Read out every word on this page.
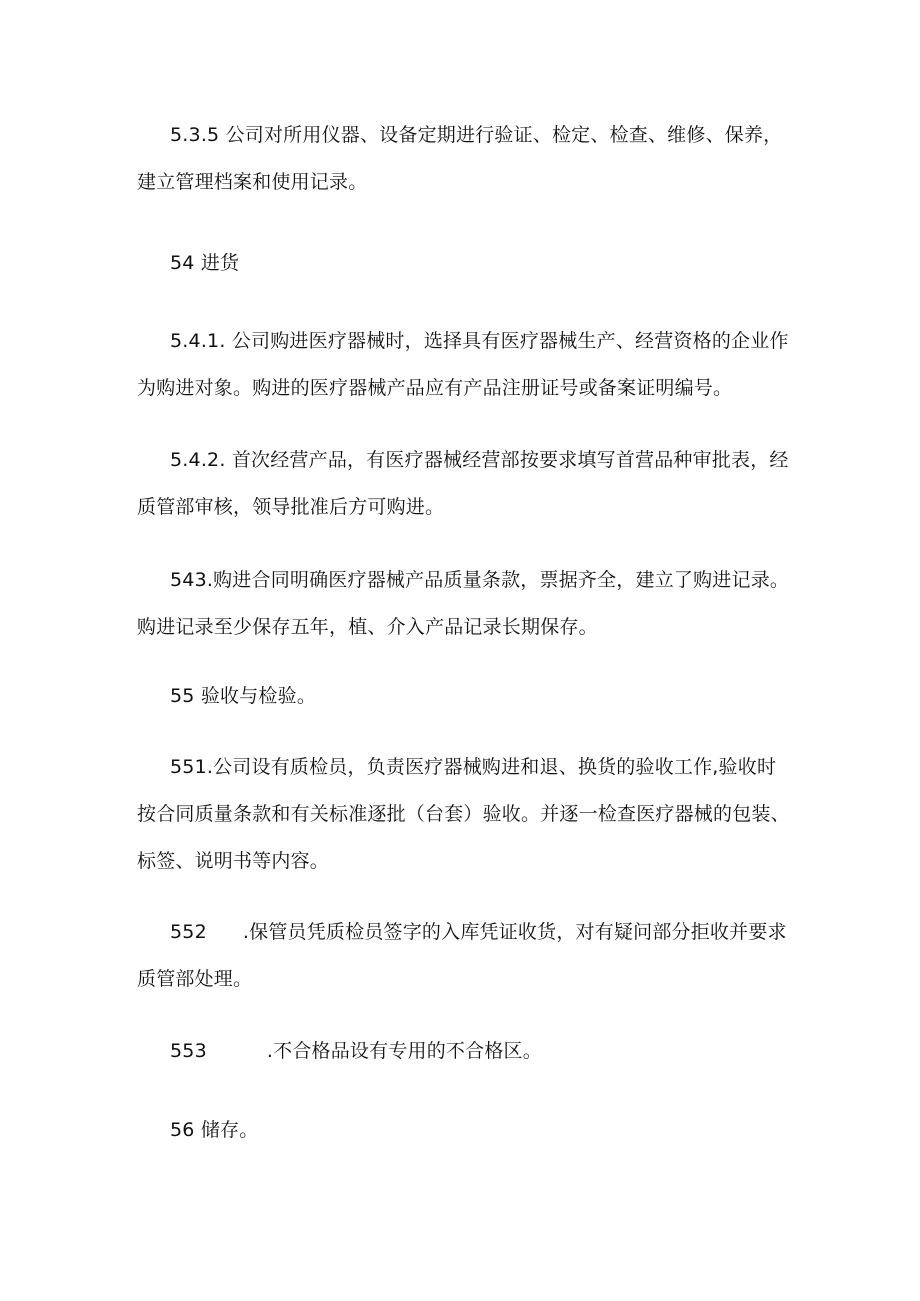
5.3.5 公司对所用仪器、设备定期进行验证、检定、检查、维修、保养，建立管理档案和使用记录。

54 进货

5.4.1. 公司购进医疗器械时，选择具有医疗器械生产、经营资格的企业作为购进对象。购进的医疗器械产品应有产品注册证号或备案证明编号。

5.4.2. 首次经营产品，有医疗器械经营部按要求填写首营品种审批表，经质管部审核，领导批准后方可购进。

543.购进合同明确医疗器械产品质量条款，票据齐全，建立了购进记录。购进记录至少保存五年，植、介入产品记录长期保存。

55 验收与检验。

551.公司设有质检员，负责医疗器械购进和退、换货的验收工作,验收时按合同质量条款和有关标准逐批（台套）验收。并逐一检查医疗器械的包装、标签、说明书等内容。

552 .保管员凭质检员签字的入库凭证收货，对有疑问部分拒收并要求质管部处理。

553	.不合格品设有专用的不合格区。

56 储存。
